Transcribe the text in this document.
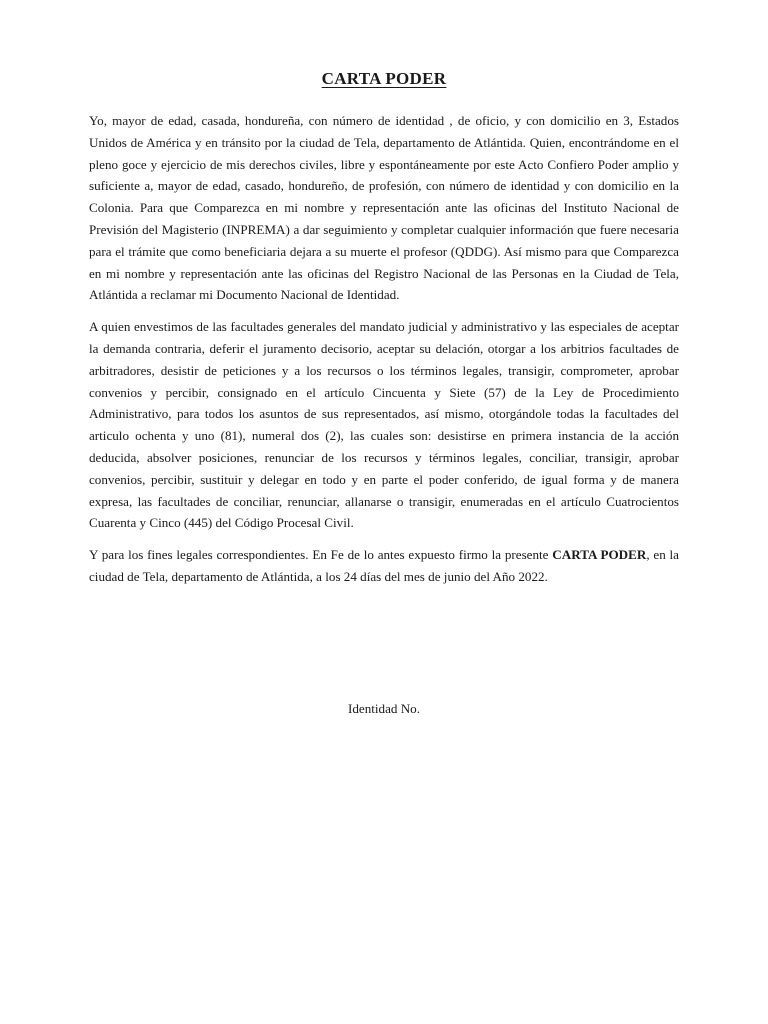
CARTA PODER

Yo, mayor de edad, casada, hondureña, con número de identidad , de oficio, y con domicilio en 3, Estados Unidos de América y en tránsito por la ciudad de Tela, departamento de Atlántida. Quien, encontrándome en el pleno goce y ejercicio de mis derechos civiles, libre y espontáneamente por este Acto Confiero Poder amplio y suficiente a, mayor de edad, casado, hondureño, de profesión, con número de identidad y con domicilio en la Colonia. Para que Comparezca en mi nombre y representación ante las oficinas del Instituto Nacional de Previsión del Magisterio (INPREMA) a dar seguimiento y completar cualquier información que fuere necesaria para el trámite que como beneficiaria dejara a su muerte el profesor (QDDG). Así mismo para que Comparezca en mi nombre y representación ante las oficinas del Registro Nacional de las Personas en la Ciudad de Tela, Atlántida a reclamar mi Documento Nacional de Identidad.

A quien envestimos de las facultades generales del mandato judicial y administrativo y las especiales de aceptar la demanda contraria, deferir el juramento decisorio, aceptar su delación, otorgar a los arbitrios facultades de arbitradores, desistir de peticiones y a los recursos o los términos legales, transigir, comprometer, aprobar convenios y percibir, consignado en el artículo Cincuenta y Siete (57) de la Ley de Procedimiento Administrativo, para todos los asuntos de sus representados, así mismo, otorgándole todas la facultades del articulo ochenta y uno (81), numeral dos (2), las cuales son: desistirse en primera instancia de la acción deducida, absolver posiciones, renunciar de los recursos y términos legales, conciliar, transigir, aprobar convenios, percibir, sustituir y delegar en todo y en parte el poder conferido, de igual forma y de manera expresa, las facultades de conciliar, renunciar, allanarse o transigir, enumeradas en el artículo Cuatrocientos Cuarenta y Cinco (445) del Código Procesal Civil.

Y para los fines legales correspondientes. En Fe de lo antes expuesto firmo la presente CARTA PODER, en la ciudad de Tela, departamento de Atlántida, a los 24 días del mes de junio del Año 2022.

Identidad No.
